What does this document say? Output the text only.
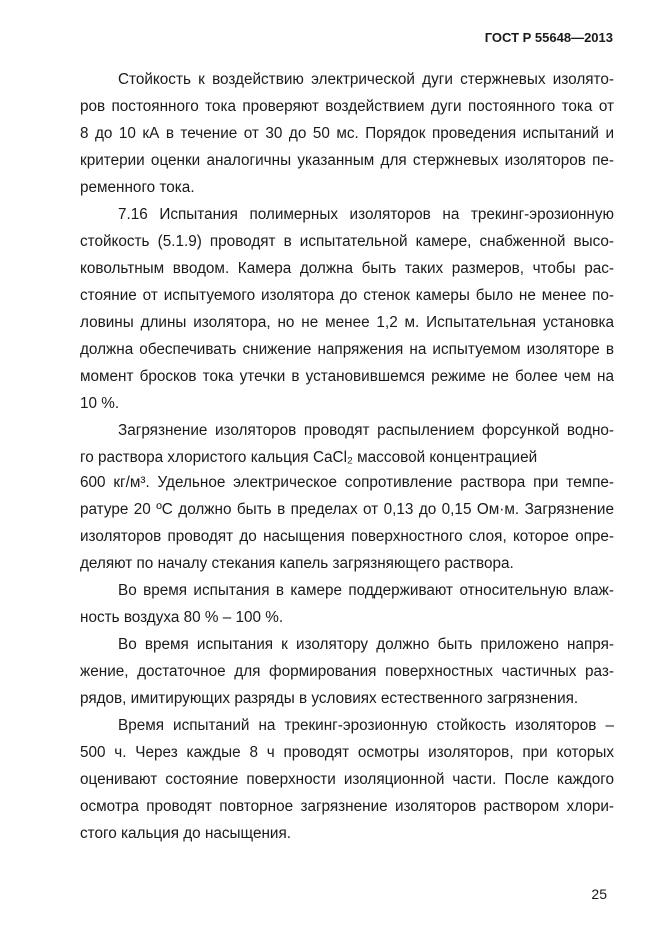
ГОСТ Р 55648—2013
Стойкость к воздействию электрической дуги стержневых изолято-
ров постоянного тока проверяют воздействием дуги постоянного тока от
8 до 10 кА в течение от 30 до 50 мс. Порядок проведения испытаний и
критерии оценки аналогичны указанным для стержневых изоляторов пе-
ременного тока.
7.16 Испытания полимерных изоляторов на трекинг-эрозионную
стойкость (5.1.9) проводят в испытательной камере, снабженной высо-
ковольтным вводом. Камера должна быть таких размеров, чтобы рас-
стояние от испытуемого изолятора до стенок камеры было не менее по-
ловины длины изолятора, но не менее 1,2 м. Испытательная установка
должна обеспечивать снижение напряжения на испытуемом изоляторе в
момент бросков тока утечки в установившемся режиме не более чем на
10 %.
Загрязнение изоляторов проводят распылением форсункой водно-
го раствора хлористого кальция CaCl₂ массовой концентрацией
600 кг/м³. Удельное электрическое сопротивление раствора при темпе-
ратуре 20 ºС должно быть в пределах от 0,13 до 0,15 Ом·м. Загрязнение
изоляторов проводят до насыщения поверхностного слоя, которое опре-
деляют по началу стекания капель загрязняющего раствора.
Во время испытания в камере поддерживают относительную влаж-
ность воздуха 80 % – 100 %.
Во время испытания к изолятору должно быть приложено напря-
жение, достаточное для формирования поверхностных частичных раз-
рядов, имитирующих разряды в условиях естественного загрязнения.
Время испытаний на трекинг-эрозионную стойкость изоляторов –
500 ч. Через каждые 8 ч проводят осмотры изоляторов, при которых
оценивают состояние поверхности изоляционной части. После каждого
осмотра проводят повторное загрязнение изоляторов раствором хлори-
стого кальция до насыщения.
25
